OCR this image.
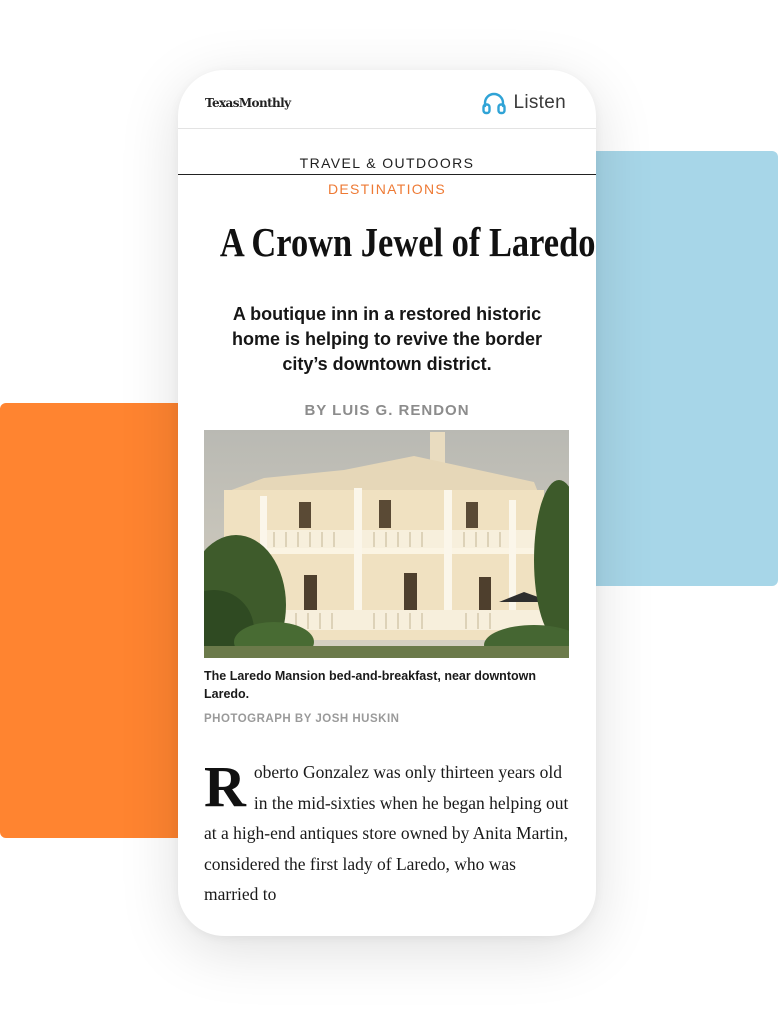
TexasMonthly	Listen
TRAVEL & OUTDOORS
DESTINATIONS
A Crown Jewel of Laredo
A boutique inn in a restored historic home is helping to revive the border city’s downtown district.
BY LUIS G. RENDON
The Laredo Mansion bed-and-breakfast, near downtown Laredo.
PHOTOGRAPH BY JOSH HUSKIN
Roberto Gonzalez was only thirteen years old in the mid-sixties when he began helping out at a high-end antiques store owned by Anita Martin, considered the first lady of Laredo, who was married to
